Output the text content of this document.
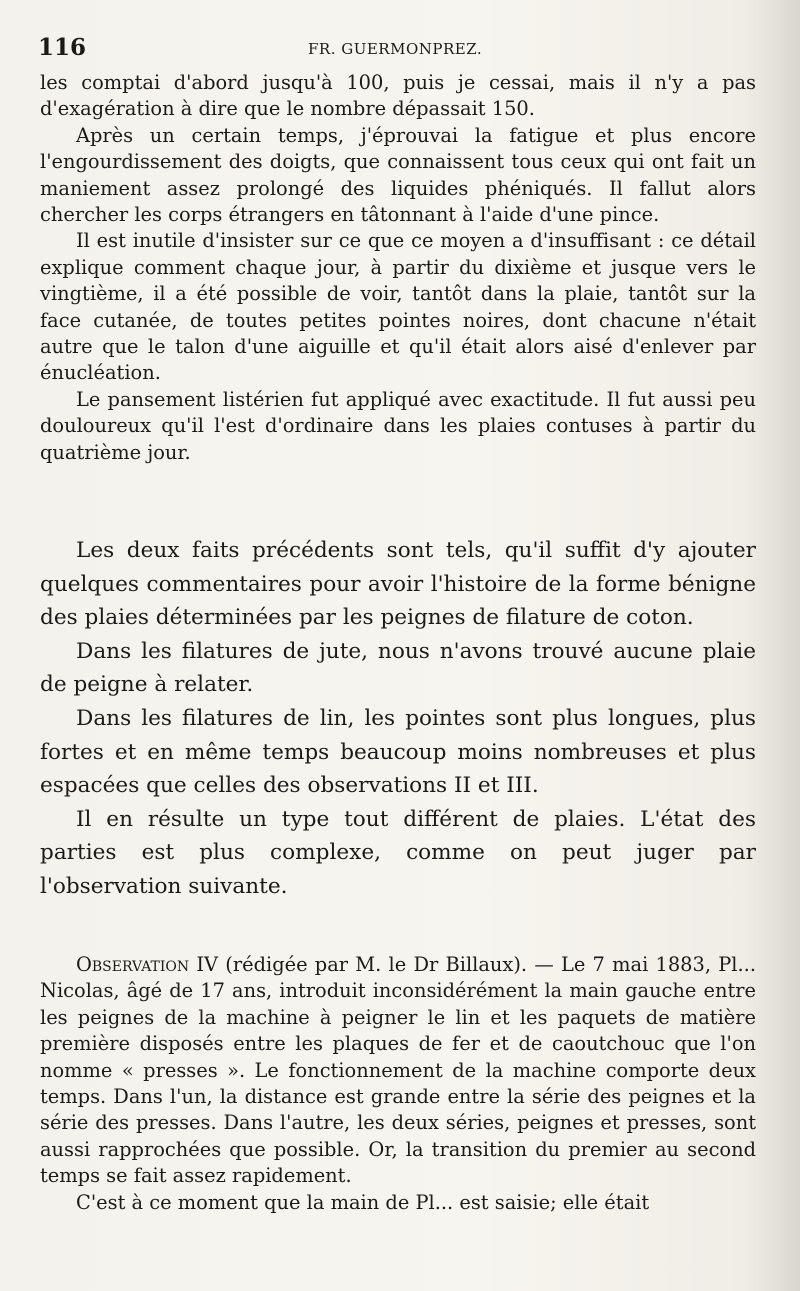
116	FR. GUERMONPREZ.

les comptai d'abord jusqu'à 100, puis je cessai, mais il n'y a pas d'exagération à dire que le nombre dépassait 150.

Après un certain temps, j'éprouvai la fatigue et plus encore l'engourdissement des doigts, que connaissent tous ceux qui ont fait un maniement assez prolongé des liquides phéniqués. Il fallut alors chercher les corps étrangers en tâtonnant à l'aide d'une pince.

Il est inutile d'insister sur ce que ce moyen a d'insuffisant : ce détail explique comment chaque jour, à partir du dixième et jusque vers le vingtième, il a été possible de voir, tantôt dans la plaie, tantôt sur la face cutanée, de toutes petites pointes noires, dont chacune n'était autre que le talon d'une aiguille et qu'il était alors aisé d'enlever par énucléation.

Le pansement listérien fut appliqué avec exactitude. Il fut aussi peu douloureux qu'il l'est d'ordinaire dans les plaies contuses à partir du quatrième jour.

Les deux faits précédents sont tels, qu'il suffit d'y ajouter quelques commentaires pour avoir l'histoire de la forme bénigne des plaies déterminées par les peignes de filature de coton.

Dans les filatures de jute, nous n'avons trouvé aucune plaie de peigne à relater.

Dans les filatures de lin, les pointes sont plus longues, plus fortes et en même temps beaucoup moins nombreuses et plus espacées que celles des observations II et III.

Il en résulte un type tout différent de plaies. L'état des parties est plus complexe, comme on peut juger par l'observation suivante.

Observation IV (rédigée par M. le Dr Billaux). — Le 7 mai 1883, Pl... Nicolas, âgé de 17 ans, introduit inconsidérément la main gauche entre les peignes de la machine à peigner le lin et les paquets de matière première disposés entre les plaques de fer et de caoutchouc que l'on nomme « presses ». Le fonctionnement de la machine comporte deux temps. Dans l'un, la distance est grande entre la série des peignes et la série des presses. Dans l'autre, les deux séries, peignes et presses, sont aussi rapprochées que possible. Or, la transition du premier au second temps se fait assez rapidement.

C'est à ce moment que la main de Pl... est saisie; elle était
